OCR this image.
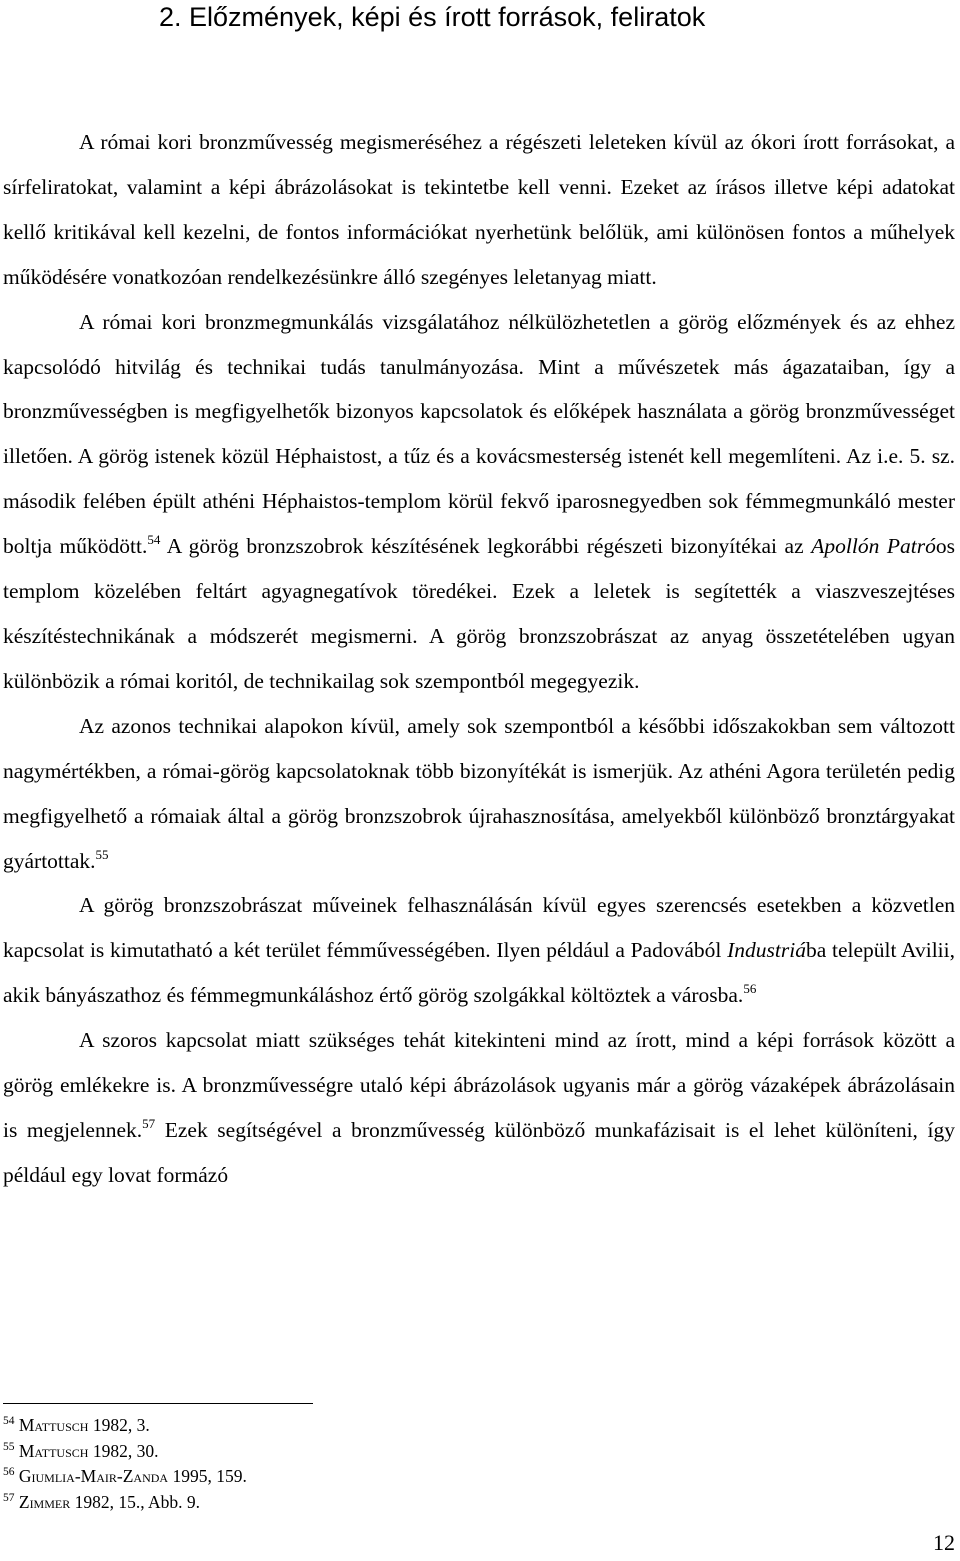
2. Előzmények, képi és írott források, feliratok

A római kori bronzművesség megismeréséhez a régészeti leleteken kívül az ókori írott forrásokat, a sírfeliratokat, valamint a képi ábrázolásokat is tekintetbe kell venni. Ezeket az írásos illetve képi adatokat kellő kritikával kell kezelni, de fontos információkat nyerhetünk belőlük, ami különösen fontos a műhelyek működésére vonatkozóan rendelkezésünkre álló szegényes leletanyag miatt.

A római kori bronzmegmunkálás vizsgálatához nélkülözhetetlen a görög előzmények és az ehhez kapcsolódó hitvilág és technikai tudás tanulmányozása. Mint a művészetek más ágazataiban, így a bronzművességben is megfigyelhetők bizonyos kapcsolatok és előképek használata a görög bronzművességet illetően. A görög istenek közül Héphaistost, a tűz és a kovácsmesterség istenét kell megemlíteni. Az i.e. 5. sz. második felében épült athéni Héphaistos-templom körül fekvő iparosnegyedben sok fémmegmunkáló mester boltja működött.$^{54}$ A görög bronzszobrok készítésének legkorábbi régészeti bizonyítékai az Apollón Patróos templom közelében feltárt agyagnegatívok töredékei. Ezek a leletek is segítették a viaszveszejtéses készítéstechnikának a módszerét megismerni. A görög bronzszobrászat az anyag összetételében ugyan különbözik a római koritól, de technikailag sok szempontból megegyezik.

Az azonos technikai alapokon kívül, amely sok szempontból a későbbi időszakokban sem változott nagymértékben, a római-görög kapcsolatoknak több bizonyítékát is ismerjük. Az athéni Agora területén pedig megfigyelhető a rómaiak által a görög bronzszobrok újrahasznosítása, amelyekből különböző bronztárgyakat gyártottak.$^{55}$

A görög bronzszobrászat műveinek felhasználásán kívül egyes szerencsés esetekben a közvetlen kapcsolat is kimutatható a két terület fémművességében. Ilyen például a Padovából Industriába települt Avilii, akik bányászathoz és fémmegmunkáláshoz értő görög szolgákkal költöztek a városba.$^{56}$

A szoros kapcsolat miatt szükséges tehát kitekinteni mind az írott, mind a képi források között a görög emlékekre is. A bronzművességre utaló képi ábrázolások ugyanis már a görög vázaképek ábrázolásain is megjelennek.$^{57}$ Ezek segítségével a bronzművesség különböző munkafázisait is el lehet különíteni, így például egy lovat formázó

$^{54}$ Mattusch 1982, 3.
$^{55}$ Mattusch 1982, 30.
$^{56}$ Giumlia-Mair-Zanda 1995, 159.
$^{57}$ Zimmer 1982, 15., Abb. 9.
12
